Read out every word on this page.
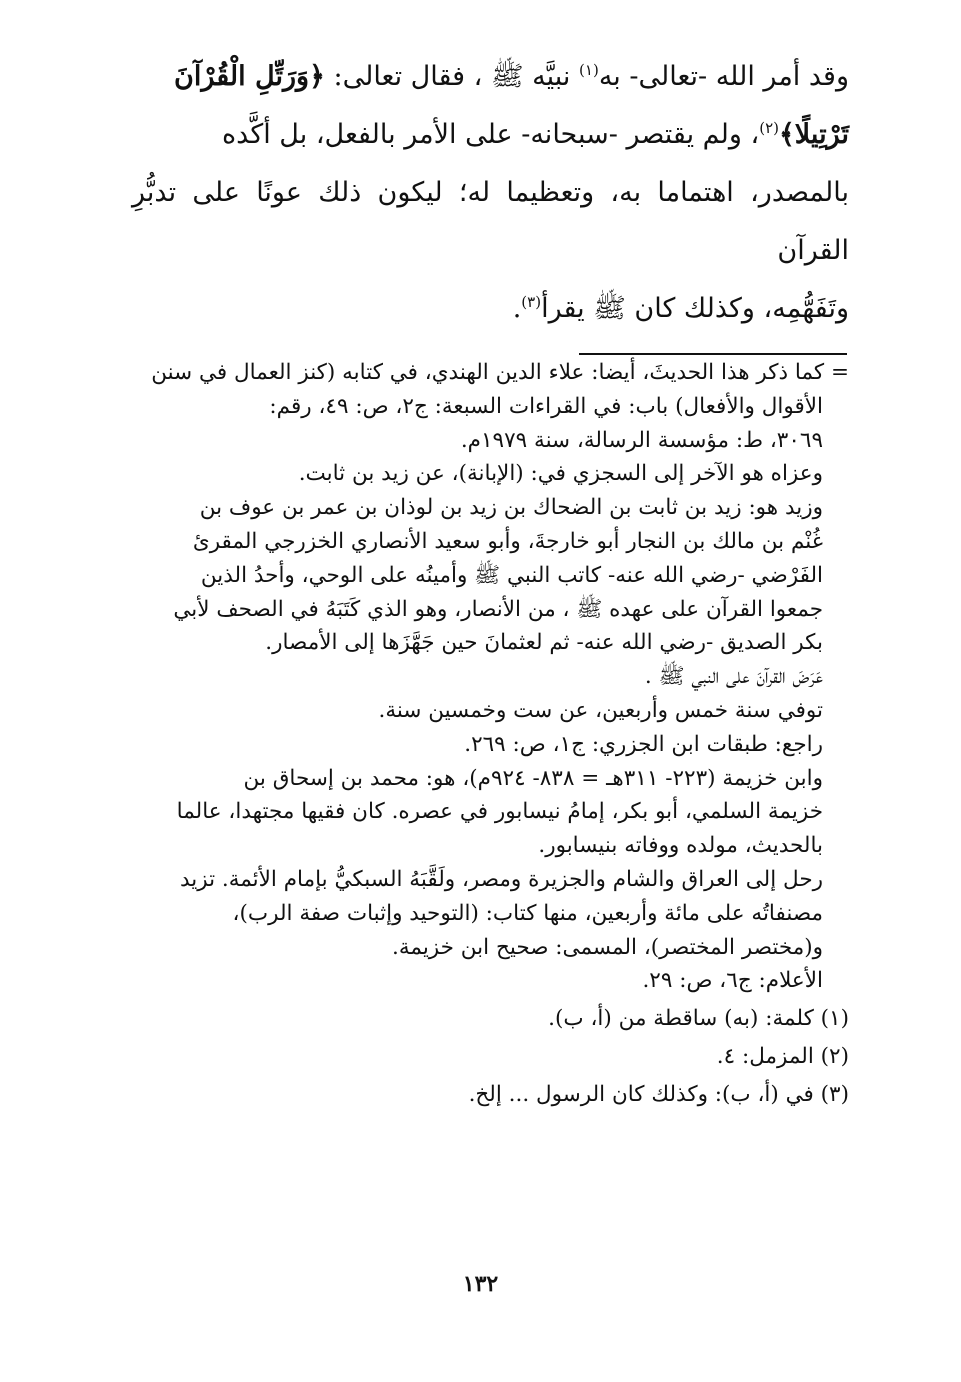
وقد أمر الله -تعالى- به$^{(١)}$ نبيَّه ﷺ ، فقال تعالى: ﴿وَرَتِّلِ الْقُرْآنَ

تَرْتِيلًا﴾$^{(٢)}$، ولم يقتصر -سبحانه- على الأمر بالفعل، بل أكَّده

بالمصدر، اهتماما به، وتعظيما له؛ ليكون ذلك عونًا على تدبُّرِ القرآن

وتَفَهُّمِه، وكذلك كان ﷺ يقرأ$^{(٣)}$.

= كما ذكر هذا الحديثَ، أيضا: علاء الدين الهندي، في كتابه (كنز العمال في سنن
الأقوال والأفعال) باب: في القراءات السبعة: ج٢، ص: ٤٩، رقم:
٣٠٦٩، ط: مؤسسة الرسالة، سنة ١٩٧٩م.
وعزاه هو الآخر إلى السجزي في: (الإبانة)، عن زيد بن ثابت.
وزيد هو: زيد بن ثابت بن الضحاك بن زيد بن لوذان بن عمر بن عوف بن
غُنْم بن مالك بن النجار أبو خارجةَ، وأبو سعيد الأنصاري الخزرجي المقرئ
الفَرْضي -رضي الله عنه- كاتب النبي ﷺ وأمينُه على الوحي، وأحدُ الذين
جمعوا القرآن على عهده ﷺ ، من الأنصار، وهو الذي كَتَبَهُ في الصحف لأبي
بكر الصديق -رضي الله عنه- ثم لعثمانَ حين جَهَّزَها إلى الأمصار.
عَرَضَ القرآنَ على النبي ﷺ .
توفي سنة خمس وأربعين، عن ست وخمسين سنة.
راجع: طبقات ابن الجزري: ج١، ص: ٢٦٩.
وابن خزيمة (٢٢٣- ٣١١هـ = ٨٣٨- ٩٢٤م)، هو: محمد بن إسحاق بن
خزيمة السلمي، أبو بكر، إمامُ نيسابور في عصره. كان فقيها مجتهدا، عالما
بالحديث، مولده ووفاته بنيسابور.
رحل إلى العراق والشام والجزيرة ومصر، ولَقَّبَهُ السبكيُّ بإمام الأئمة. تزيد
مصنفاتُه على مائة وأربعين، منها كتاب: (التوحيد وإثبات صفة الرب)،
و(مختصر المختصر)، المسمى: صحيح ابن خزيمة.
الأعلام: ج٦، ص: ٢٩.
(١) كلمة: (به) ساقطة من (أ، ب).
(٢) المزمل: ٤.
(٣) في (أ، ب): وكذلك كان الرسول ... إلخ.
١٣٢
